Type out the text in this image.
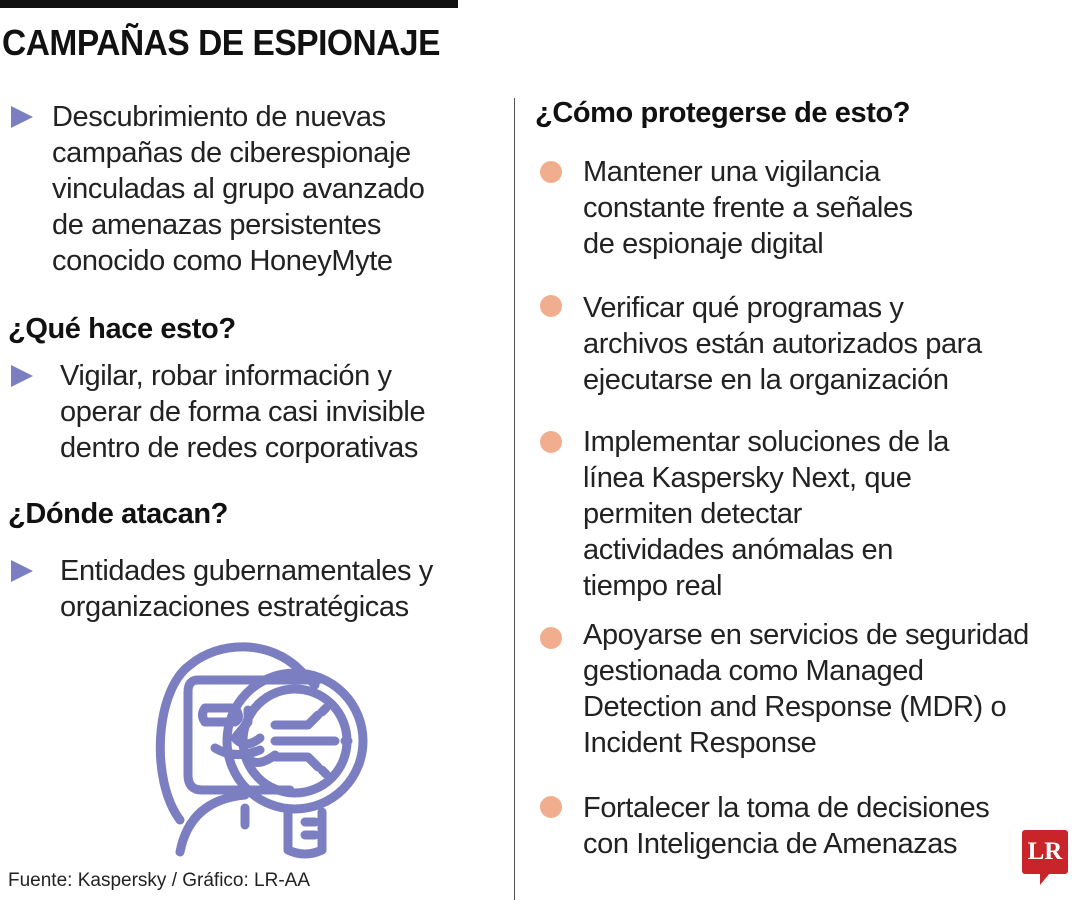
CAMPAÑAS DE ESPIONAJE
Descubrimiento de nuevas
campañas de ciberespionaje
vinculadas al grupo avanzado
de amenazas persistentes
conocido como HoneyMyte
¿Qué hace esto?
Vigilar, robar información y
operar de forma casi invisible
dentro de redes corporativas
¿Dónde atacan?
Entidades gubernamentales y
organizaciones estratégicas
Fuente: Kaspersky / Gráfico: LR-AA
¿Cómo protegerse de esto?
Mantener una vigilancia
constante frente a señales
de espionaje digital
Verificar qué programas y
archivos están autorizados para
ejecutarse en la organización
Implementar soluciones de la
línea Kaspersky Next, que
permiten detectar
actividades anómalas en
tiempo real
Apoyarse en servicios de seguridad
gestionada como Managed
Detection and Response (MDR) o
Incident Response
Fortalecer la toma de decisiones
con Inteligencia de Amenazas	LR
